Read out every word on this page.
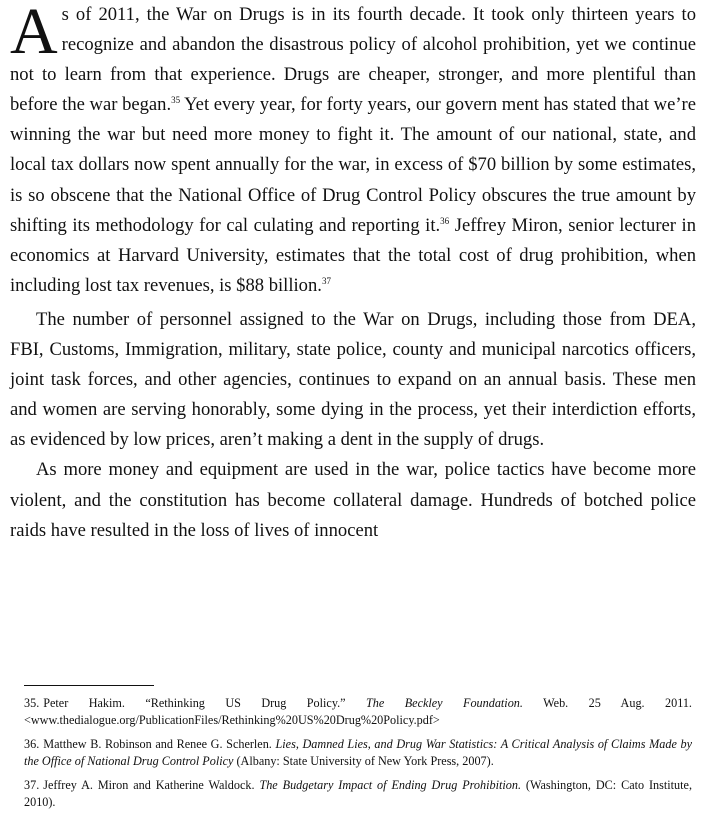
As of 2011, the War on Drugs is in its fourth decade. It took only thirteen years to recognize and abandon the disastrous policy of alcohol prohibition, yet we continue not to learn from that experience. Drugs are cheaper, stronger, and more plentiful than before the war began.$^{35}$ Yet every year, for forty years, our govern ment has stated that we’re winning the war but need more money to fight it. The amount of our national, state, and local tax dollars now spent annually for the war, in excess of $70 billion by some estimates, is so obscene that the National Office of Drug Control Policy obscures the true amount by shifting its methodology for cal culating and reporting it.$^{36}$ Jeffrey Miron, senior lecturer in economics at Harvard University, estimates that the total cost of drug prohibition, when including lost tax revenues, is $88 billion.$^{37}$

The number of personnel assigned to the War on Drugs, including those from DEA, FBI, Customs, Immigration, military, state police, county and municipal narcotics officers, joint task forces, and other agencies, continues to expand on an annual basis. These men and women are serving honorably, some dying in the process, yet their interdiction efforts, as evidenced by low prices, aren’t making a dent in the supply of drugs.

As more money and equipment are used in the war, police tactics have become more violent, and the constitution has become collateral damage. Hundreds of botched police raids have resulted in the loss of lives of innocent

35. Peter Hakim. “Rethinking US Drug Policy.” The Beckley Foundation. Web. 25 Aug. 2011. <www.thedialogue.org/PublicationFiles/Rethinking%20US%20Drug%20Policy.pdf>

36. Matthew B. Robinson and Renee G. Scherlen. Lies, Damned Lies, and Drug War Statistics: A Critical Analysis of Claims Made by the Office of National Drug Control Policy (Albany: State University of New York Press, 2007).

37. Jeffrey A. Miron and Katherine Waldock. The Budgetary Impact of Ending Drug Prohibition. (Washington, DC: Cato Institute, 2010).
